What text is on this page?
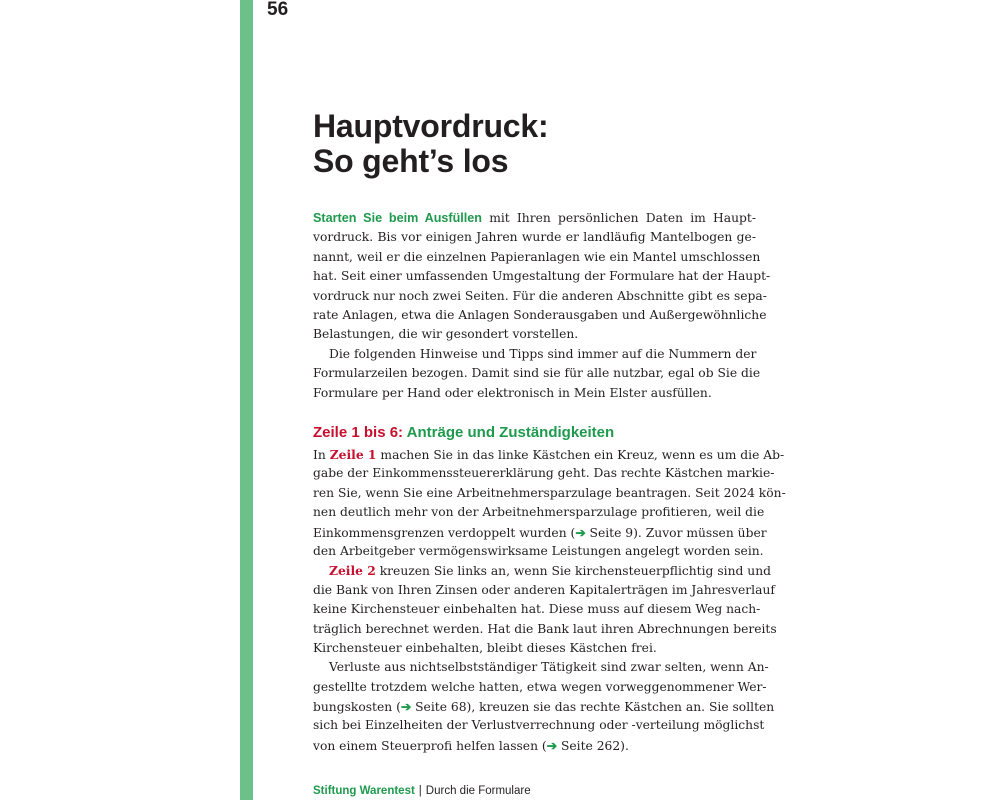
56
Hauptvordruck:
So geht’s los
Starten Sie beim Ausfüllen mit Ihren persönlichen Daten im Haupt-
vordruck. Bis vor einigen Jahren wurde er landläufig Mantelbogen ge-
nannt, weil er die einzelnen Papieranlagen wie ein Mantel umschlossen
hat. Seit einer umfassenden Umgestaltung der Formulare hat der Haupt-
vordruck nur noch zwei Seiten. Für die anderen Abschnitte gibt es sepa-
rate Anlagen, etwa die Anlagen Sonderausgaben und Außergewöhnliche
Belastungen, die wir gesondert vorstellen.
Die folgenden Hinweise und Tipps sind immer auf die Nummern der
Formularzeilen bezogen. Damit sind sie für alle nutzbar, egal ob Sie die
Formulare per Hand oder elektronisch in Mein Elster ausfüllen.
Zeile 1 bis 6: Anträge und Zuständigkeiten
In Zeile 1 machen Sie in das linke Kästchen ein Kreuz, wenn es um die Ab-
gabe der Einkommenssteuererklärung geht. Das rechte Kästchen markie-
ren Sie, wenn Sie eine Arbeitnehmersparzulage beantragen. Seit 2024 kön-
nen deutlich mehr von der Arbeitnehmersparzulage profitieren, weil die
Einkommensgrenzen verdoppelt wurden (➔ Seite 9). Zuvor müssen über
den Arbeitgeber vermögenswirksame Leistungen angelegt worden sein.
Zeile 2 kreuzen Sie links an, wenn Sie kirchensteuerpflichtig sind und
die Bank von Ihren Zinsen oder anderen Kapitalerträgen im Jahresverlauf
keine Kirchensteuer einbehalten hat. Diese muss auf diesem Weg nach-
träglich berechnet werden. Hat die Bank laut ihren Abrechnungen bereits
Kirchensteuer einbehalten, bleibt dieses Kästchen frei.
Verluste aus nichtselbstständiger Tätigkeit sind zwar selten, wenn An-
gestellte trotzdem welche hatten, etwa wegen vorweggenommener Wer-
bungskosten (➔ Seite 68), kreuzen sie das rechte Kästchen an. Sie sollten
sich bei Einzelheiten der Verlustverrechnung oder -verteilung möglichst
von einem Steuerprofi helfen lassen (➔ Seite 262).
Stiftung Warentest | Durch die Formulare
